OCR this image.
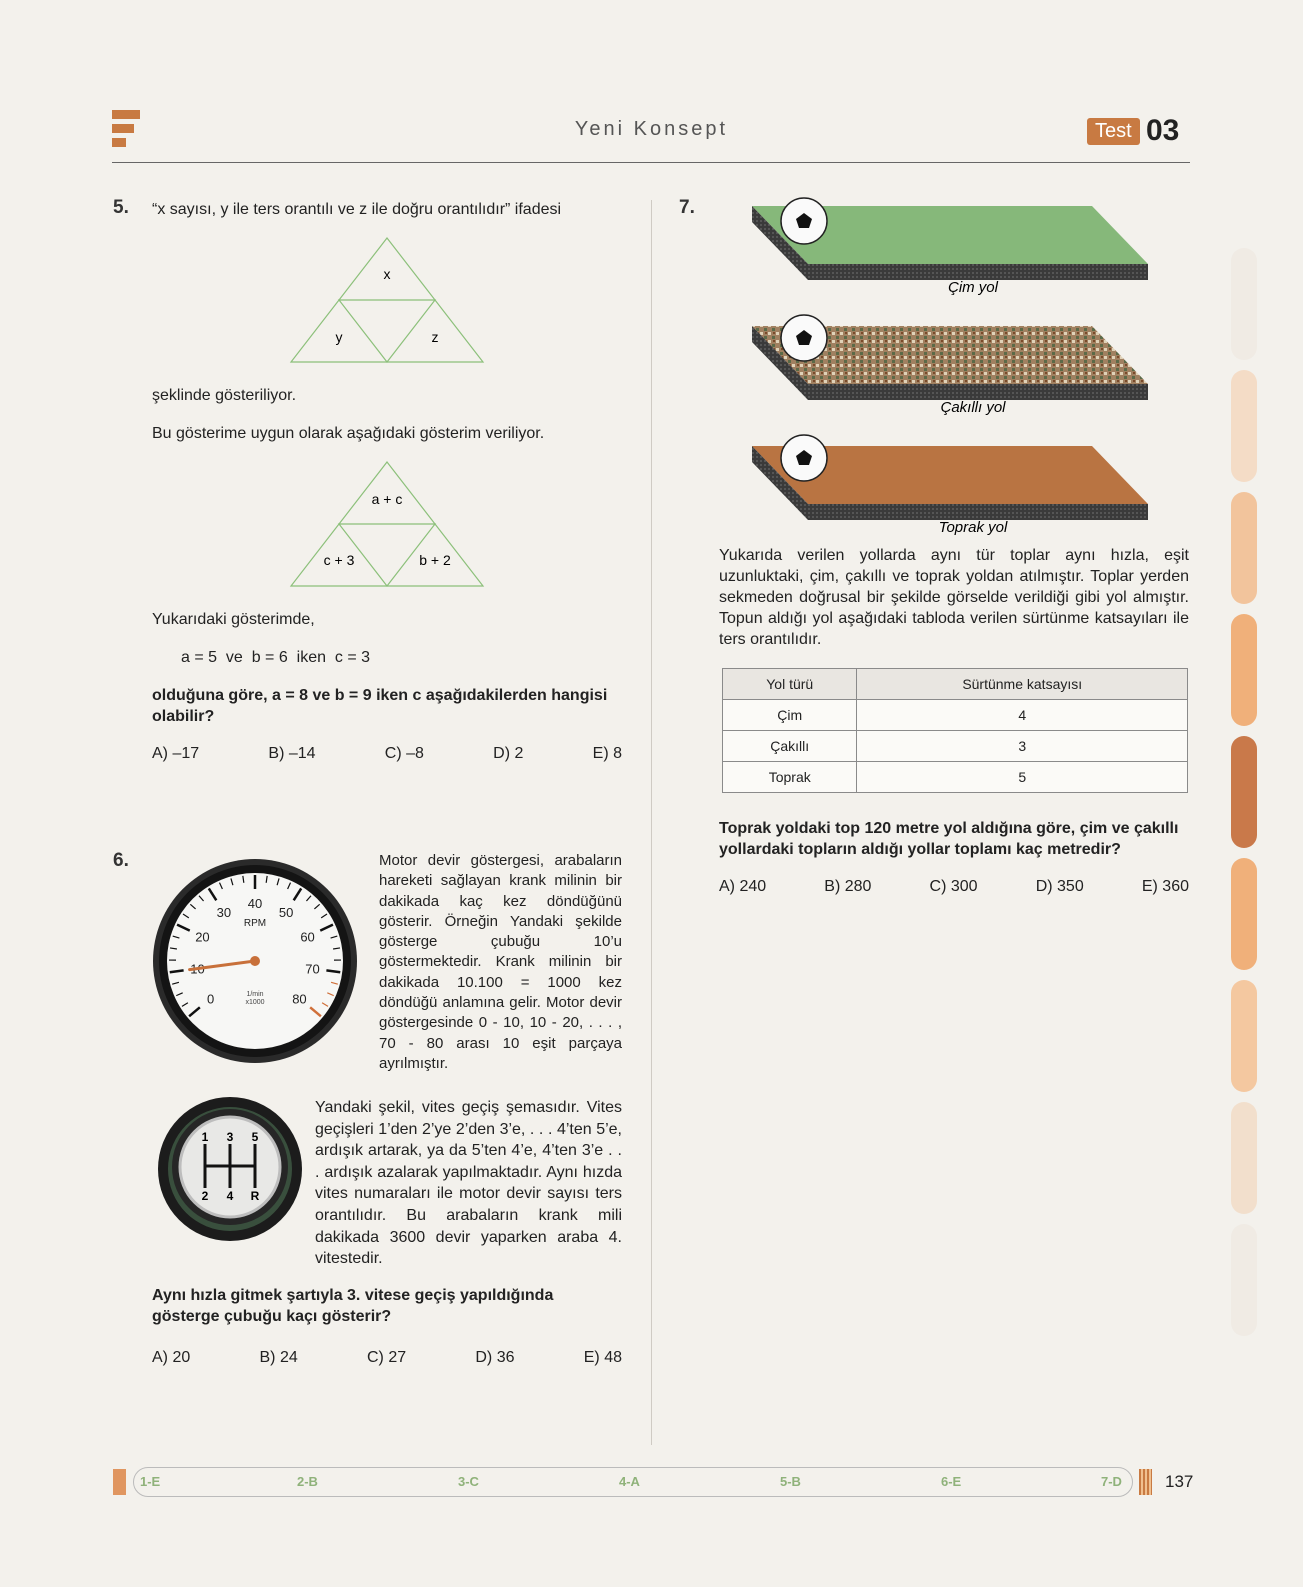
Yeni Konsept	Test 03
5. “x sayısı, y ile ters orantılı ve z ile doğru orantılıdır” ifadesi
x
y	z
şeklinde gösteriliyor.
Bu gösterime uygun olarak aşağıdaki gösterim veriliyor.
a + c
c + 3	b + 2
Yukarıdaki gösterimde,
a = 5  ve  b = 6  iken  c = 3
olduğuna göre, a = 8 ve b = 9 iken c aşağıdakilerden hangisi olabilir?
A) –17	B) –14	C) –8	D) 2	E) 8
6.
0
20
30
40
50
60
70
80
RPM
1/min
x1000
Motor devir göstergesi, arabaların hareketi sağlayan krank milinin bir dakikada kaç kez döndüğünü gösterir. Örneğin Yandaki şekilde gösterge çubuğu 10’u göstermektedir. Krank milinin bir dakikada 10.100 = 1000 kez döndüğü anlamına gelir. Motor devir göstergesinde 0 - 10, 10 - 20, . . . , 70 - 80 arası 10 eşit parçaya ayrılmıştır.
1 3 5
2 4 R
Yandaki şekil, vites geçiş şemasıdır. Vites geçişleri 1’den 2’ye 2’den 3’e, . . . 4’ten 5’e, ardışık artarak, ya da 5’ten 4’e, 4’ten 3’e . . . ardışık azalarak yapılmaktadır. Aynı hızda vites numaraları ile motor devir sayısı ters orantılıdır. Bu arabaların krank mili dakikada 3600 devir yaparken araba 4. vitestedir.
Aynı hızla gitmek şartıyla 3. vitese geçiş yapıldığında gösterge çubuğu kaçı gösterir?
A) 20	B) 24	C) 27	D) 36	E) 48
7.
Çim yol
Çakıllı yol
Toprak yol
Yukarıda verilen yollarda aynı tür toplar aynı hızla, eşit uzunluktaki, çim, çakıllı ve toprak yoldan atılmıştır. Toplar yerden sekmeden doğrusal bir şekilde görselde verildiği gibi yol almıştır. Topun aldığı yol aşağıdaki tabloda verilen sürtünme katsayıları ile ters orantılıdır.
Yol türü	Sürtünme katsayısı
Çim	4
Çakıllı	3
Toprak	5
Toprak yoldaki top 120 metre yol aldığına göre, çim ve çakıllı yollardaki topların aldığı yollar toplamı kaç metredir?
A) 240	B) 280	C) 300	D) 350	E) 360
1-E	2-B	3-C	4-A	5-B	6-E	7-D	137
